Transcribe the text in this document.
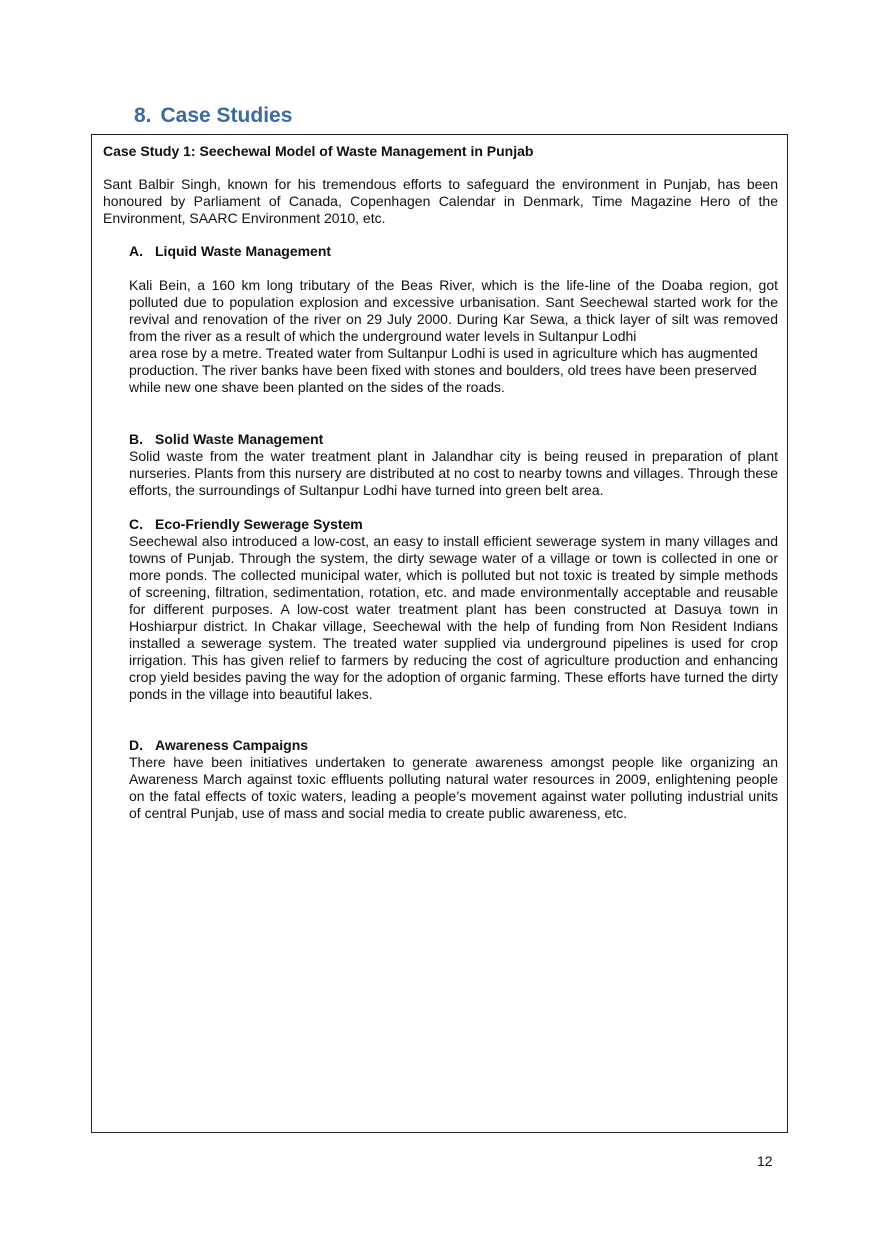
8. Case Studies

Case Study 1: Seechewal Model of Waste Management in Punjab

Sant Balbir Singh, known for his tremendous efforts to safeguard the environment in Punjab, has been honoured by Parliament of Canada, Copenhagen Calendar in Denmark, Time Magazine Hero of the Environment, SAARC Environment 2010, etc.

A. Liquid Waste Management

Kali Bein, a 160 km long tributary of the Beas River, which is the life-line of the Doaba region, got polluted due to population explosion and excessive urbanisation. Sant Seechewal started work for the revival and renovation of the river on 29 July 2000. During Kar Sewa, a thick layer of silt was removed from the river as a result of which the underground water levels in Sultanpur Lodhi
area rose by a metre. Treated water from Sultanpur Lodhi is used in agriculture which has augmented production. The river banks have been fixed with stones and boulders, old trees have been preserved while new one shave been planted on the sides of the roads.

B. Solid Waste Management

Solid waste from the water treatment plant in Jalandhar city is being reused in preparation of plant nurseries. Plants from this nursery are distributed at no cost to nearby towns and villages. Through these efforts, the surroundings of Sultanpur Lodhi have turned into green belt area.

C. Eco-Friendly Sewerage System

Seechewal also introduced a low-cost, an easy to install efficient sewerage system in many villages and towns of Punjab. Through the system, the dirty sewage water of a village or town is collected in one or more ponds. The collected municipal water, which is polluted but not toxic is treated by simple methods of screening, filtration, sedimentation, rotation, etc. and made environmentally acceptable and reusable for different purposes. A low-cost water treatment plant has been constructed at Dasuya town in Hoshiarpur district. In Chakar village, Seechewal with the help of funding from Non Resident Indians installed a sewerage system. The treated water supplied via underground pipelines is used for crop irrigation. This has given relief to farmers by reducing the cost of agriculture production and enhancing crop yield besides paving the way for the adoption of organic farming. These efforts have turned the dirty ponds in the village into beautiful lakes.

D. Awareness Campaigns

There have been initiatives undertaken to generate awareness amongst people like organizing an Awareness March against toxic effluents polluting natural water resources in 2009, enlightening people on the fatal effects of toxic waters, leading a people’s movement against water polluting industrial units of central Punjab, use of mass and social media to create public awareness, etc.

12
